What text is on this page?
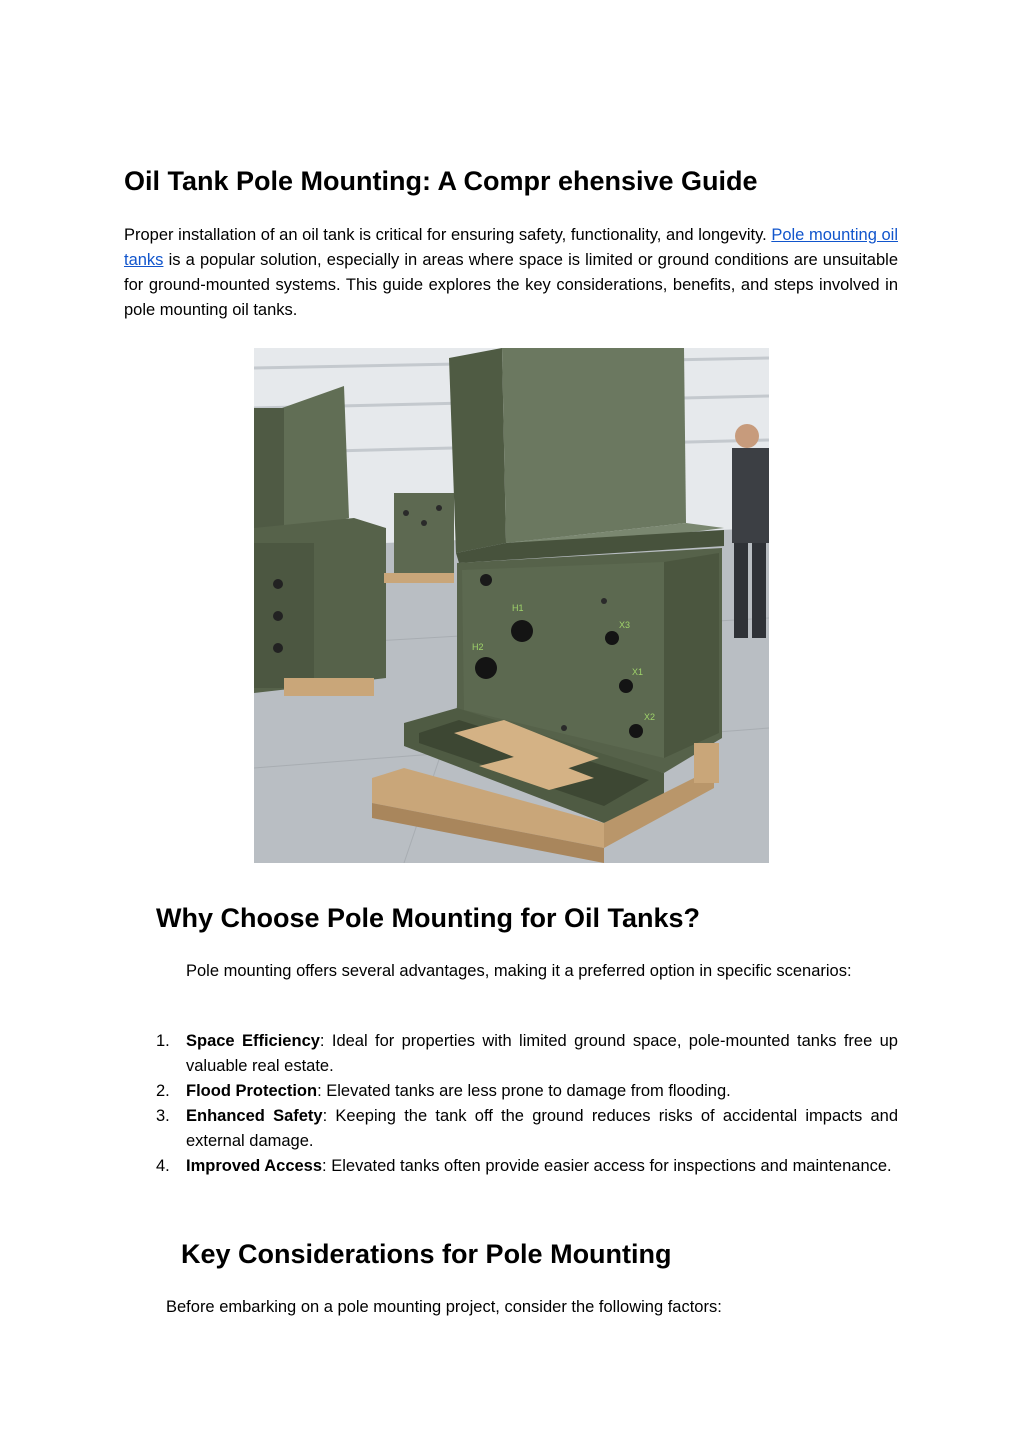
Oil Tank Pole Mounting: A Compr ehensive Guide

Proper installation of an oil tank is critical for ensuring safety, functionality, and longevity. Pole mounting oil tanks is a popular solution, especially in areas where space is limited or ground conditions are unsuitable for ground-mounted systems. This guide explores the key considerations, benefits, and steps involved in pole mounting oil tanks.

H1
H2
X3
X1
X2
Why Choose Pole Mounting for Oil Tanks?

Pole mounting offers several advantages, making it a preferred option in specific scenarios:

1. Space Efficiency: Ideal for properties with limited ground space, pole-mounted tanks free up valuable real estate.
2. Flood Protection: Elevated tanks are less prone to damage from flooding.
3. Enhanced Safety: Keeping the tank off the ground reduces risks of accidental impacts and external damage.
4. Improved Access: Elevated tanks often provide easier access for inspections and maintenance.
Key Considerations for Pole Mounting

Before embarking on a pole mounting project, consider the following factors:
